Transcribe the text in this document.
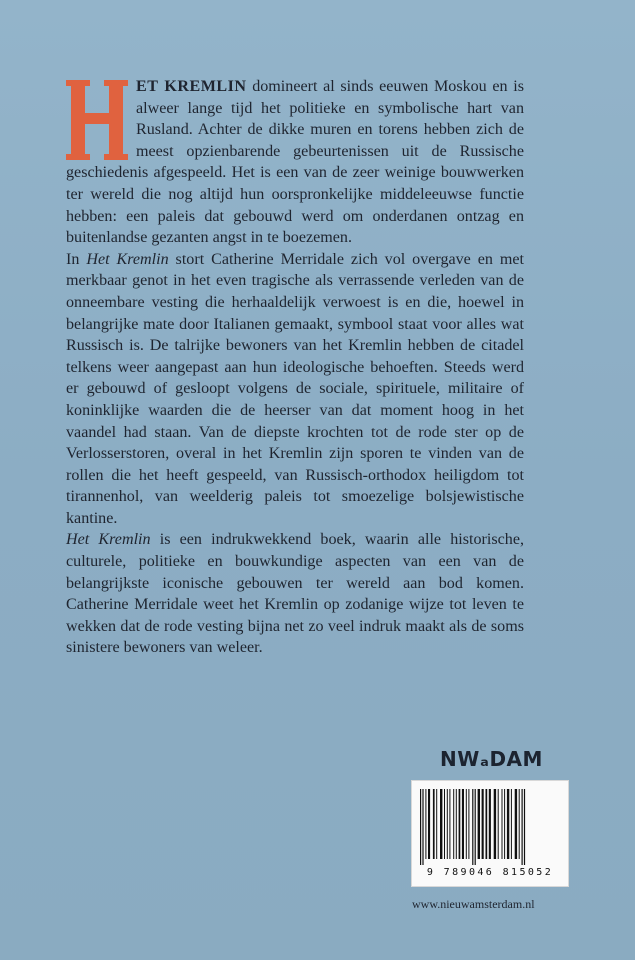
ET KREMLIN domineert al sinds eeuwen Moskou en is alweer lange tijd het politieke en symbolische hart van Rusland. Achter de dikke muren en torens hebben zich de meest opzienbarende gebeurtenissen uit de Russische geschiedenis afgespeeld. Het is een van de zeer weinige bouwwerken ter wereld die nog altijd hun oorspronkelijke middeleeuwse functie hebben: een paleis dat gebouwd werd om onderdanen ontzag en buitenlandse gezanten angst in te boezemen.

In Het Kremlin stort Catherine Merridale zich vol overgave en met merkbaar genot in het even tragische als verrassende verleden van de onneembare vesting die herhaaldelijk verwoest is en die, hoewel in belangrijke mate door Italianen gemaakt, symbool staat voor alles wat Russisch is. De talrijke bewoners van het Kremlin hebben de citadel telkens weer aangepast aan hun ideologische behoeften. Steeds werd er gebouwd of gesloopt volgens de sociale, spirituele, militaire of koninklijke waarden die de heerser van dat moment hoog in het vaandel had staan. Van de diepste krochten tot de rode ster op de Verlosserstoren, overal in het Kremlin zijn sporen te vinden van de rollen die het heeft gespeeld, van Russisch-orthodox heiligdom tot tirannenhol, van weelderig paleis tot smoezelige bolsjewistische kantine.

Het Kremlin is een indrukwekkend boek, waarin alle historische, culturele, politieke en bouwkundige aspecten van een van de belangrijkste iconische gebouwen ter wereld aan bod komen. Catherine Merridale weet het Kremlin op zodanige wijze tot leven te wekken dat de rode vesting bijna net zo veel indruk maakt als de soms sinistere bewoners van weleer.

NWₐDAM
9 789046 815052
www.nieuwamsterdam.nl
